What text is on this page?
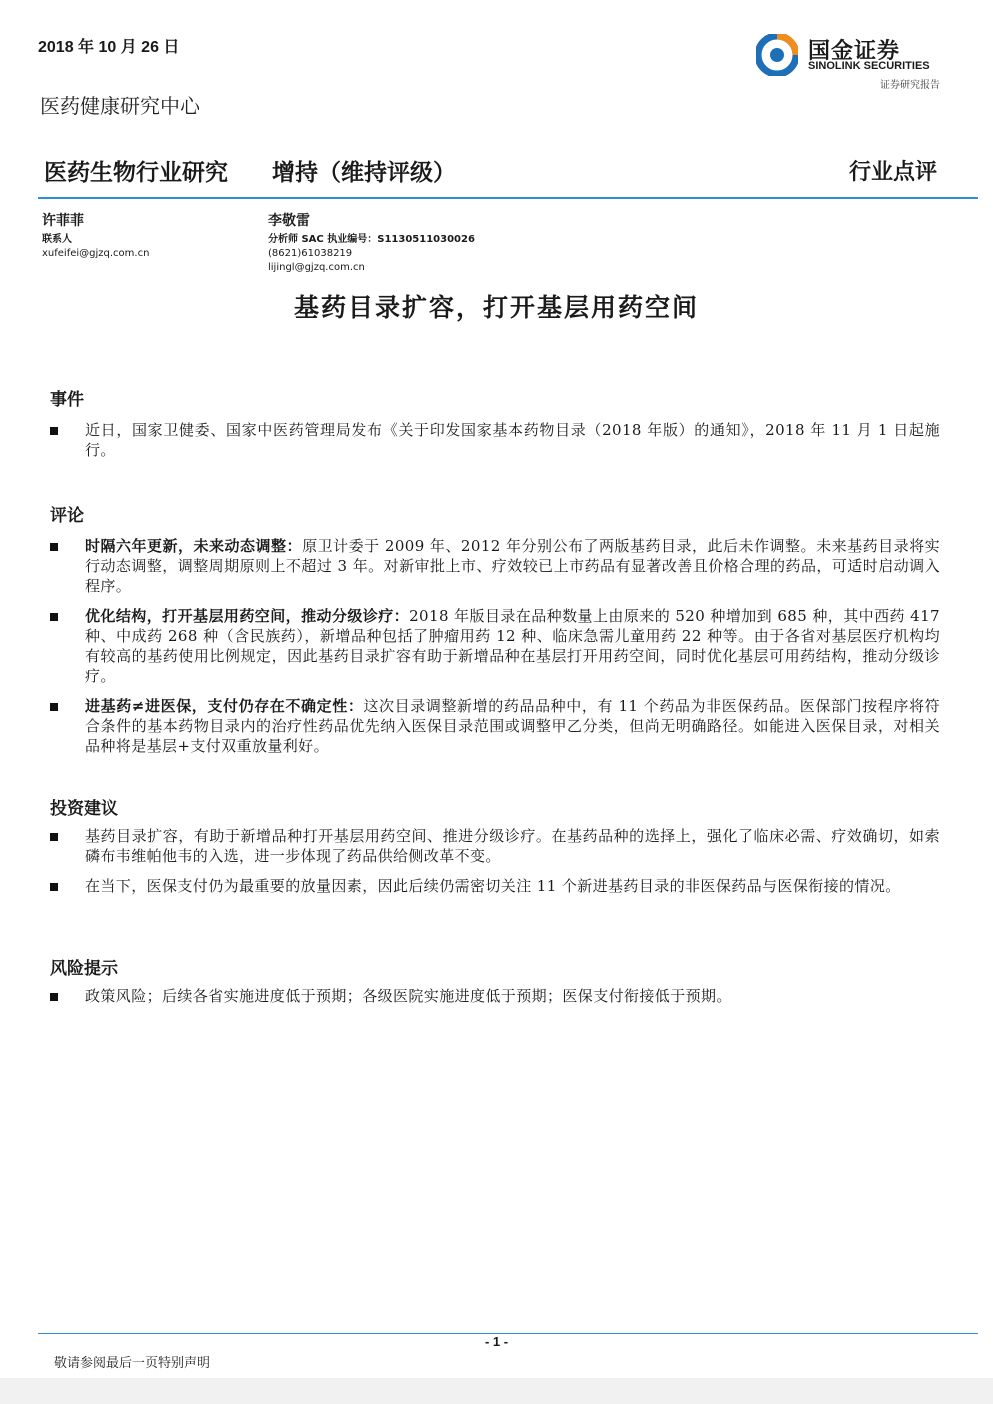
2018 年 10 月 26 日
医药健康研究中心
国金证券
SINOLINK SECURITIES
证券研究报告
医药生物行业研究 增持（维持评级）	行业点评
许菲菲
联系人
xufeifei@gjzq.com.cn
李敬雷
分析师 SAC 执业编号：S1130511030026
(8621)61038219
lijingl@gjzq.com.cn
基药目录扩容，打开基层用药空间
事件
近日，国家卫健委、国家中医药管理局发布《关于印发国家基本药物目录（2018 年版）的通知》，2018 年 11 月 1 日起施行。
评论
时隔六年更新，未来动态调整：原卫计委于 2009 年、2012 年分别公布了两版基药目录，此后未作调整。未来基药目录将实行动态调整，调整周期原则上不超过 3 年。对新审批上市、疗效较已上市药品有显著改善且价格合理的药品，可适时启动调入程序。
优化结构，打开基层用药空间，推动分级诊疗：2018 年版目录在品种数量上由原来的 520 种增加到 685 种，其中西药 417 种、中成药 268 种（含民族药），新增品种包括了肿瘤用药 12 种、临床急需儿童用药 22 种等。由于各省对基层医疗机构均有较高的基药使用比例规定，因此基药目录扩容有助于新增品种在基层打开用药空间，同时优化基层可用药结构，推动分级诊疗。
进基药≠进医保，支付仍存在不确定性：这次目录调整新增的药品品种中，有 11 个药品为非医保药品。医保部门按程序将符合条件的基本药物目录内的治疗性药品优先纳入医保目录范围或调整甲乙分类，但尚无明确路径。如能进入医保目录，对相关品种将是基层+支付双重放量利好。
投资建议
基药目录扩容，有助于新增品种打开基层用药空间、推进分级诊疗。在基药品种的选择上，强化了临床必需、疗效确切，如索磷布韦维帕他韦的入选，进一步体现了药品供给侧改革不变。
在当下，医保支付仍为最重要的放量因素，因此后续仍需密切关注 11 个新进基药目录的非医保药品与医保衔接的情况。
风险提示
政策风险；后续各省实施进度低于预期；各级医院实施进度低于预期；医保支付衔接低于预期。
- 1 -
敬请参阅最后一页特别声明
